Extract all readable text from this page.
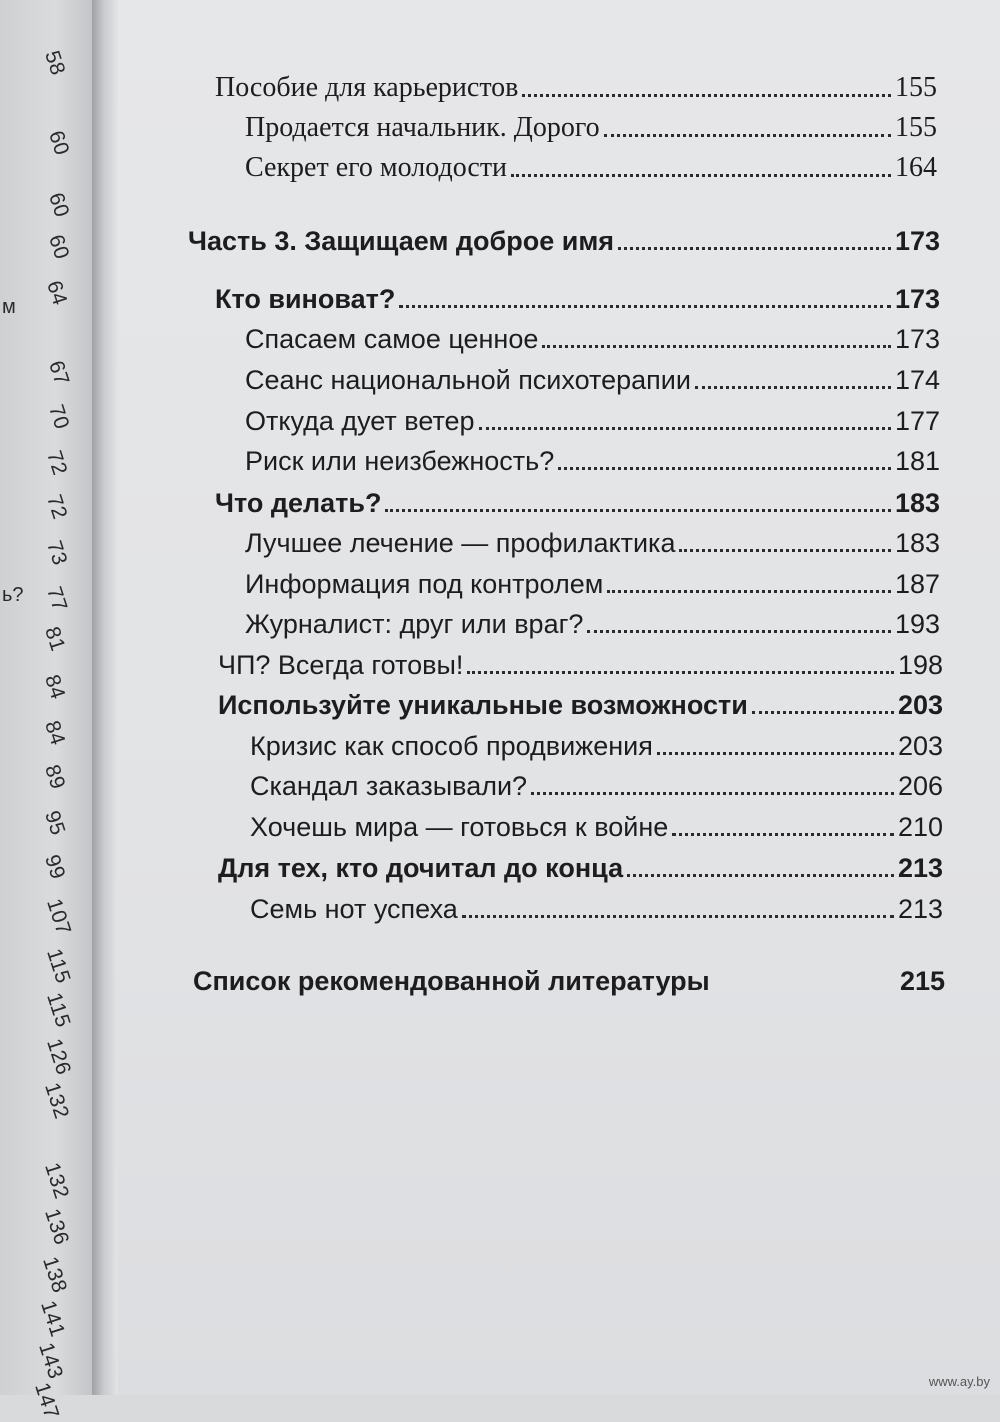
58
60
60
60
64
м
67
70
72
72
73
ь? 77
81
84
84
89
95
99
107
115
115
126
132
132
136
138
141
143
147
Пособие для карьеристов	155
Продается начальник. Дорого	155
Секрет его молодости	164
Часть 3. Защищаем доброе имя	173
Кто виноват?	173
Спасаем самое ценное	173
Сеанс национальной психотерапии	174
Откуда дует ветер	177
Риск или неизбежность?	181
Что делать?	183
Лучшее лечение — профилактика	183
Информация под контролем	187
Журналист: друг или враг?	193
ЧП? Всегда готовы!	198
Используйте уникальные возможности	203
Кризис как способ продвижения	203
Скандал заказывали?	206
Хочешь мира — готовься к войне	210
Для тех, кто дочитал до конца	213
Семь нот успеха	213
Список рекомендованной литературы	215
www.ay.by
